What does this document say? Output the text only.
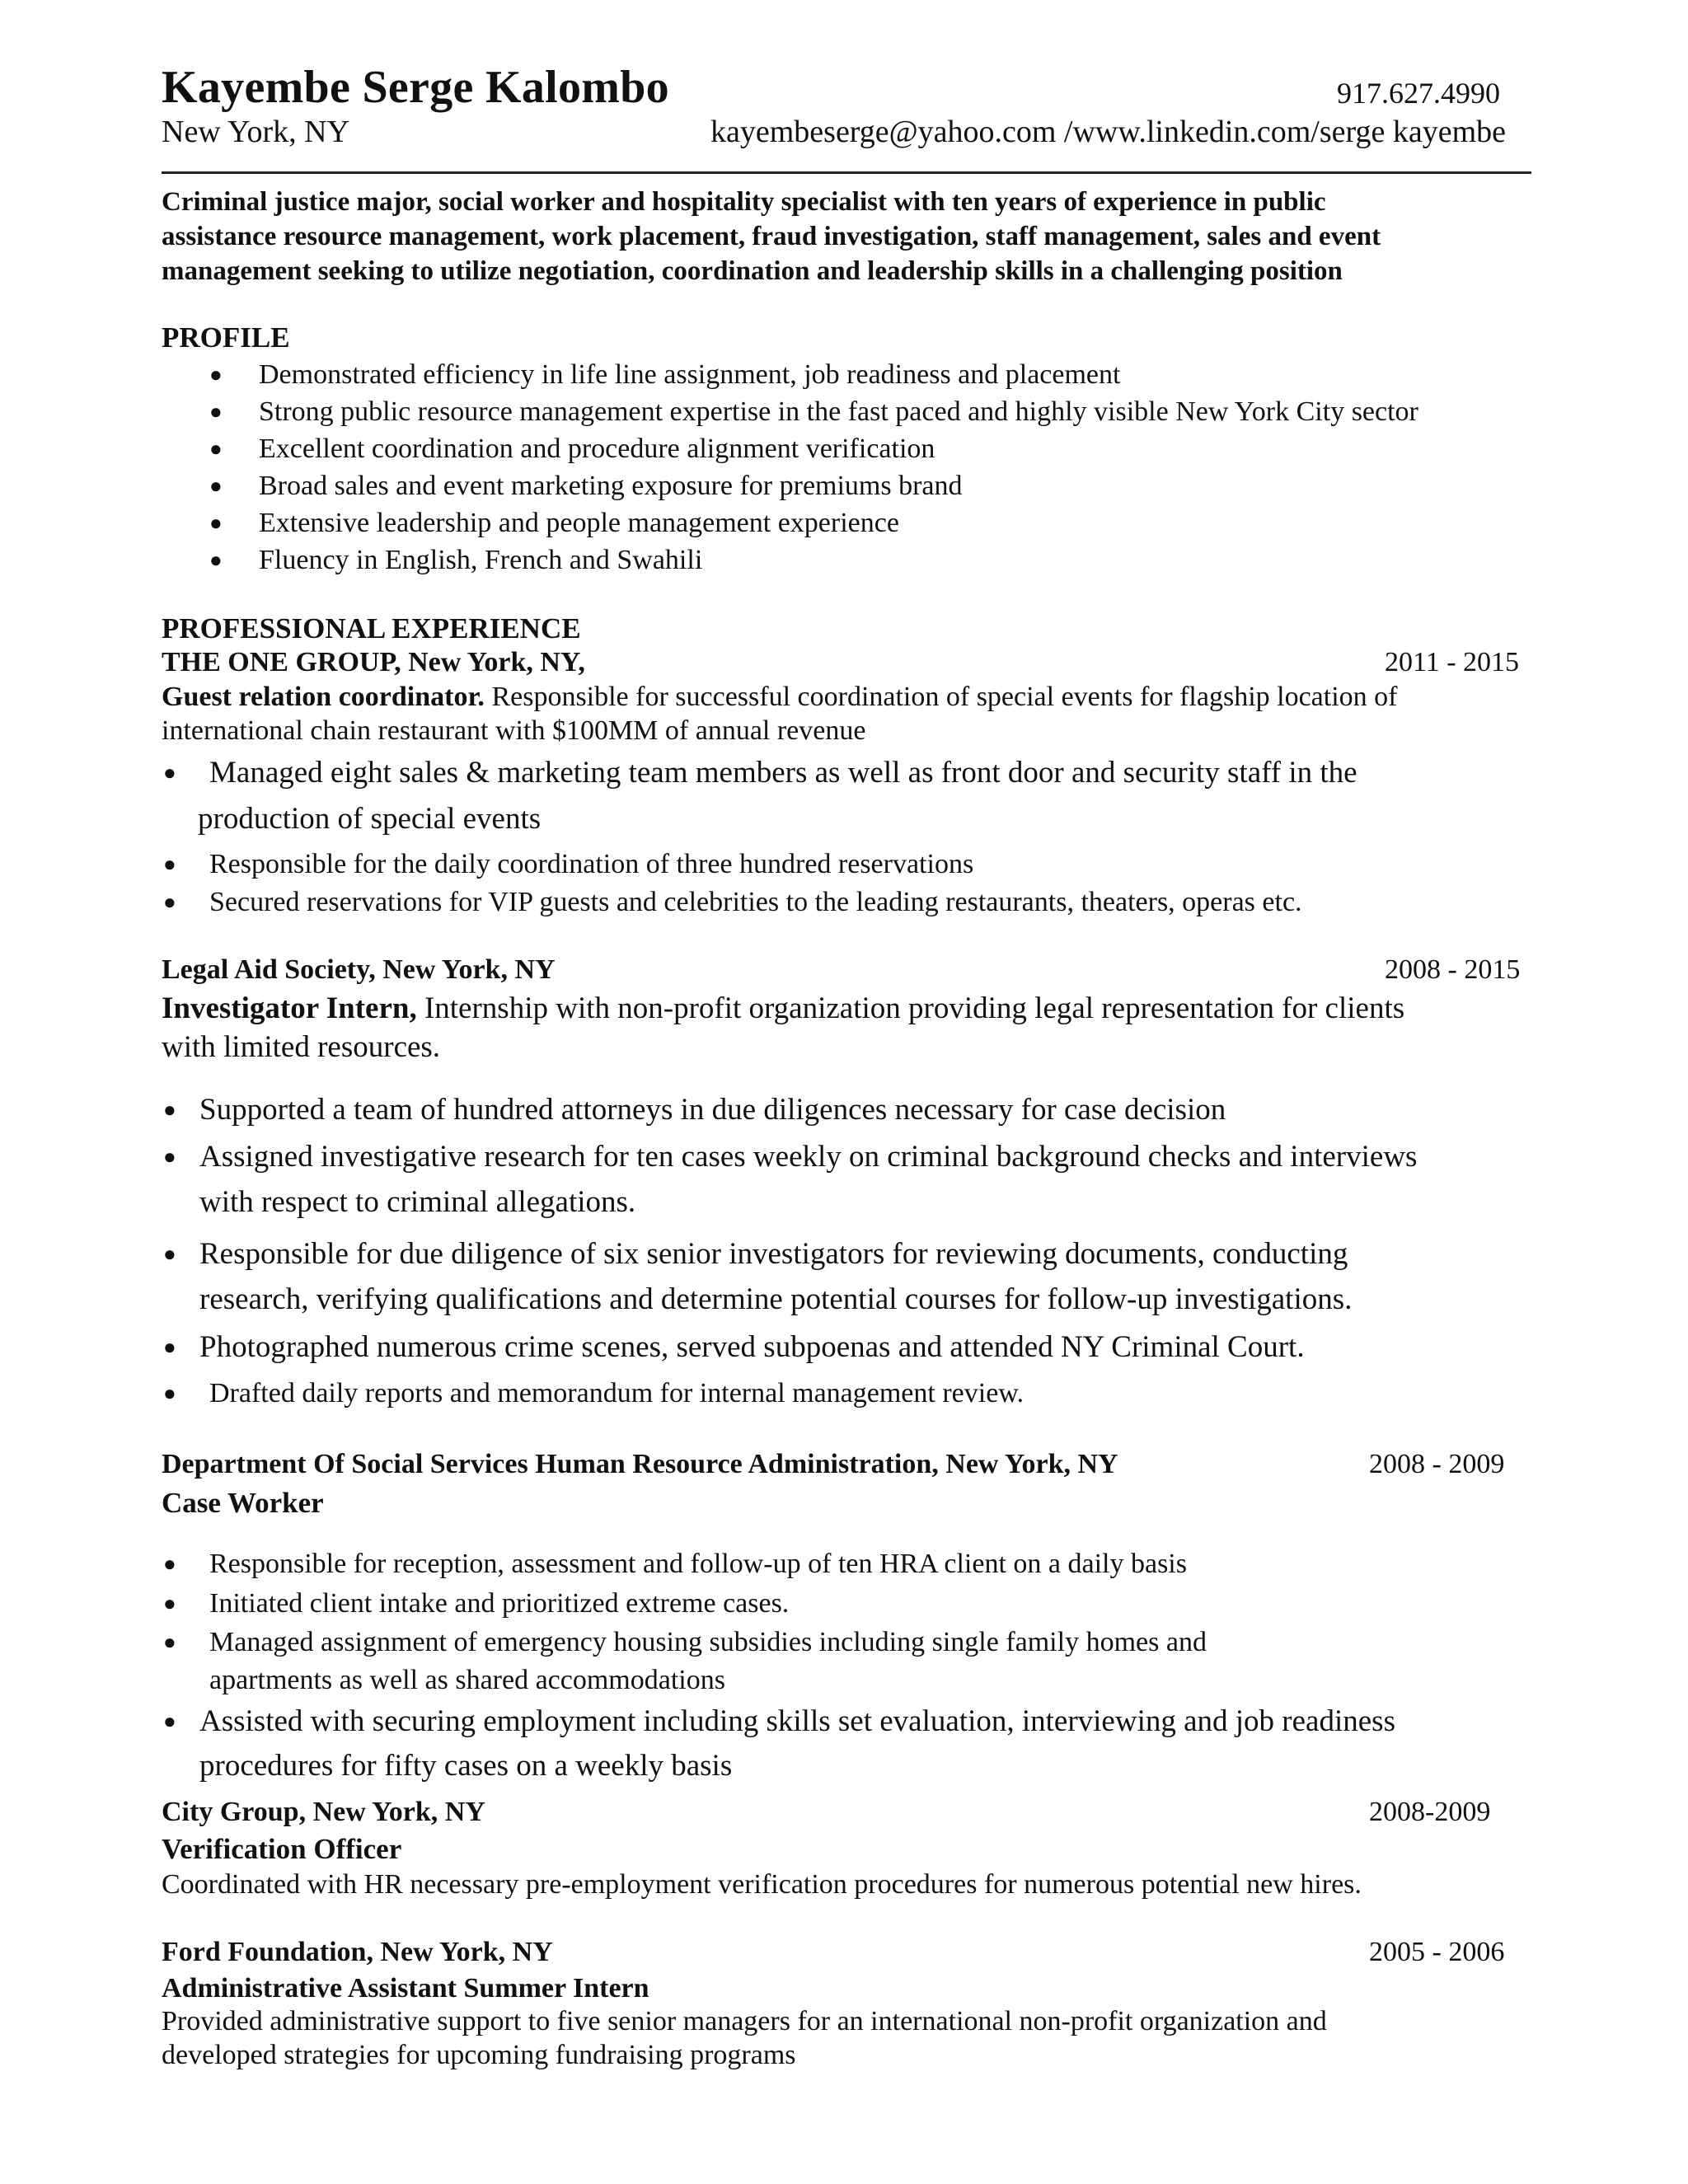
Kayembe Serge Kalombo	917.627.4990
New York, NY	kayembeserge@yahoo.com /www.linkedin.com/serge kayembe
Criminal justice major, social worker and hospitality specialist with ten years of experience in public
assistance resource management, work placement, fraud investigation, staff management, sales and event
management seeking to utilize negotiation, coordination and leadership skills in a challenging position
PROFILE
● Demonstrated efficiency in life line assignment, job readiness and placement
● Strong public resource management expertise in the fast paced and highly visible New York City sector
● Excellent coordination and procedure alignment verification
● Broad sales and event marketing exposure for premiums brand
● Extensive leadership and people management experience
● Fluency in English, French and Swahili
PROFESSIONAL EXPERIENCE
THE ONE GROUP, New York, NY,	2011 - 2015
Guest relation coordinator. Responsible for successful coordination of special events for flagship location of
international chain restaurant with $100MM of annual revenue
● Managed eight sales & marketing team members as well as front door and security staff in the
production of special events
● Responsible for the daily coordination of three hundred reservations
● Secured reservations for VIP guests and celebrities to the leading restaurants, theaters, operas etc.
Legal Aid Society, New York, NY	2008 - 2015
Investigator Intern, Internship with non-profit organization providing legal representation for clients
with limited resources.
● Supported a team of hundred attorneys in due diligences necessary for case decision
● Assigned investigative research for ten cases weekly on criminal background checks and interviews
with respect to criminal allegations.
● Responsible for due diligence of six senior investigators for reviewing documents, conducting
research, verifying qualifications and determine potential courses for follow-up investigations.
● Photographed numerous crime scenes, served subpoenas and attended NY Criminal Court.
● Drafted daily reports and memorandum for internal management review.
Department Of Social Services Human Resource Administration, New York, NY	2008 - 2009
Case Worker
● Responsible for reception, assessment and follow-up of ten HRA client on a daily basis
● Initiated client intake and prioritized extreme cases.
● Managed assignment of emergency housing subsidies including single family homes and
apartments as well as shared accommodations
● Assisted with securing employment including skills set evaluation, interviewing and job readiness
procedures for fifty cases on a weekly basis
City Group, New York, NY	2008-2009
Verification Officer
Coordinated with HR necessary pre-employment verification procedures for numerous potential new hires.
Ford Foundation, New York, NY	2005 - 2006
Administrative Assistant Summer Intern
Provided administrative support to five senior managers for an international non-profit organization and
developed strategies for upcoming fundraising programs
